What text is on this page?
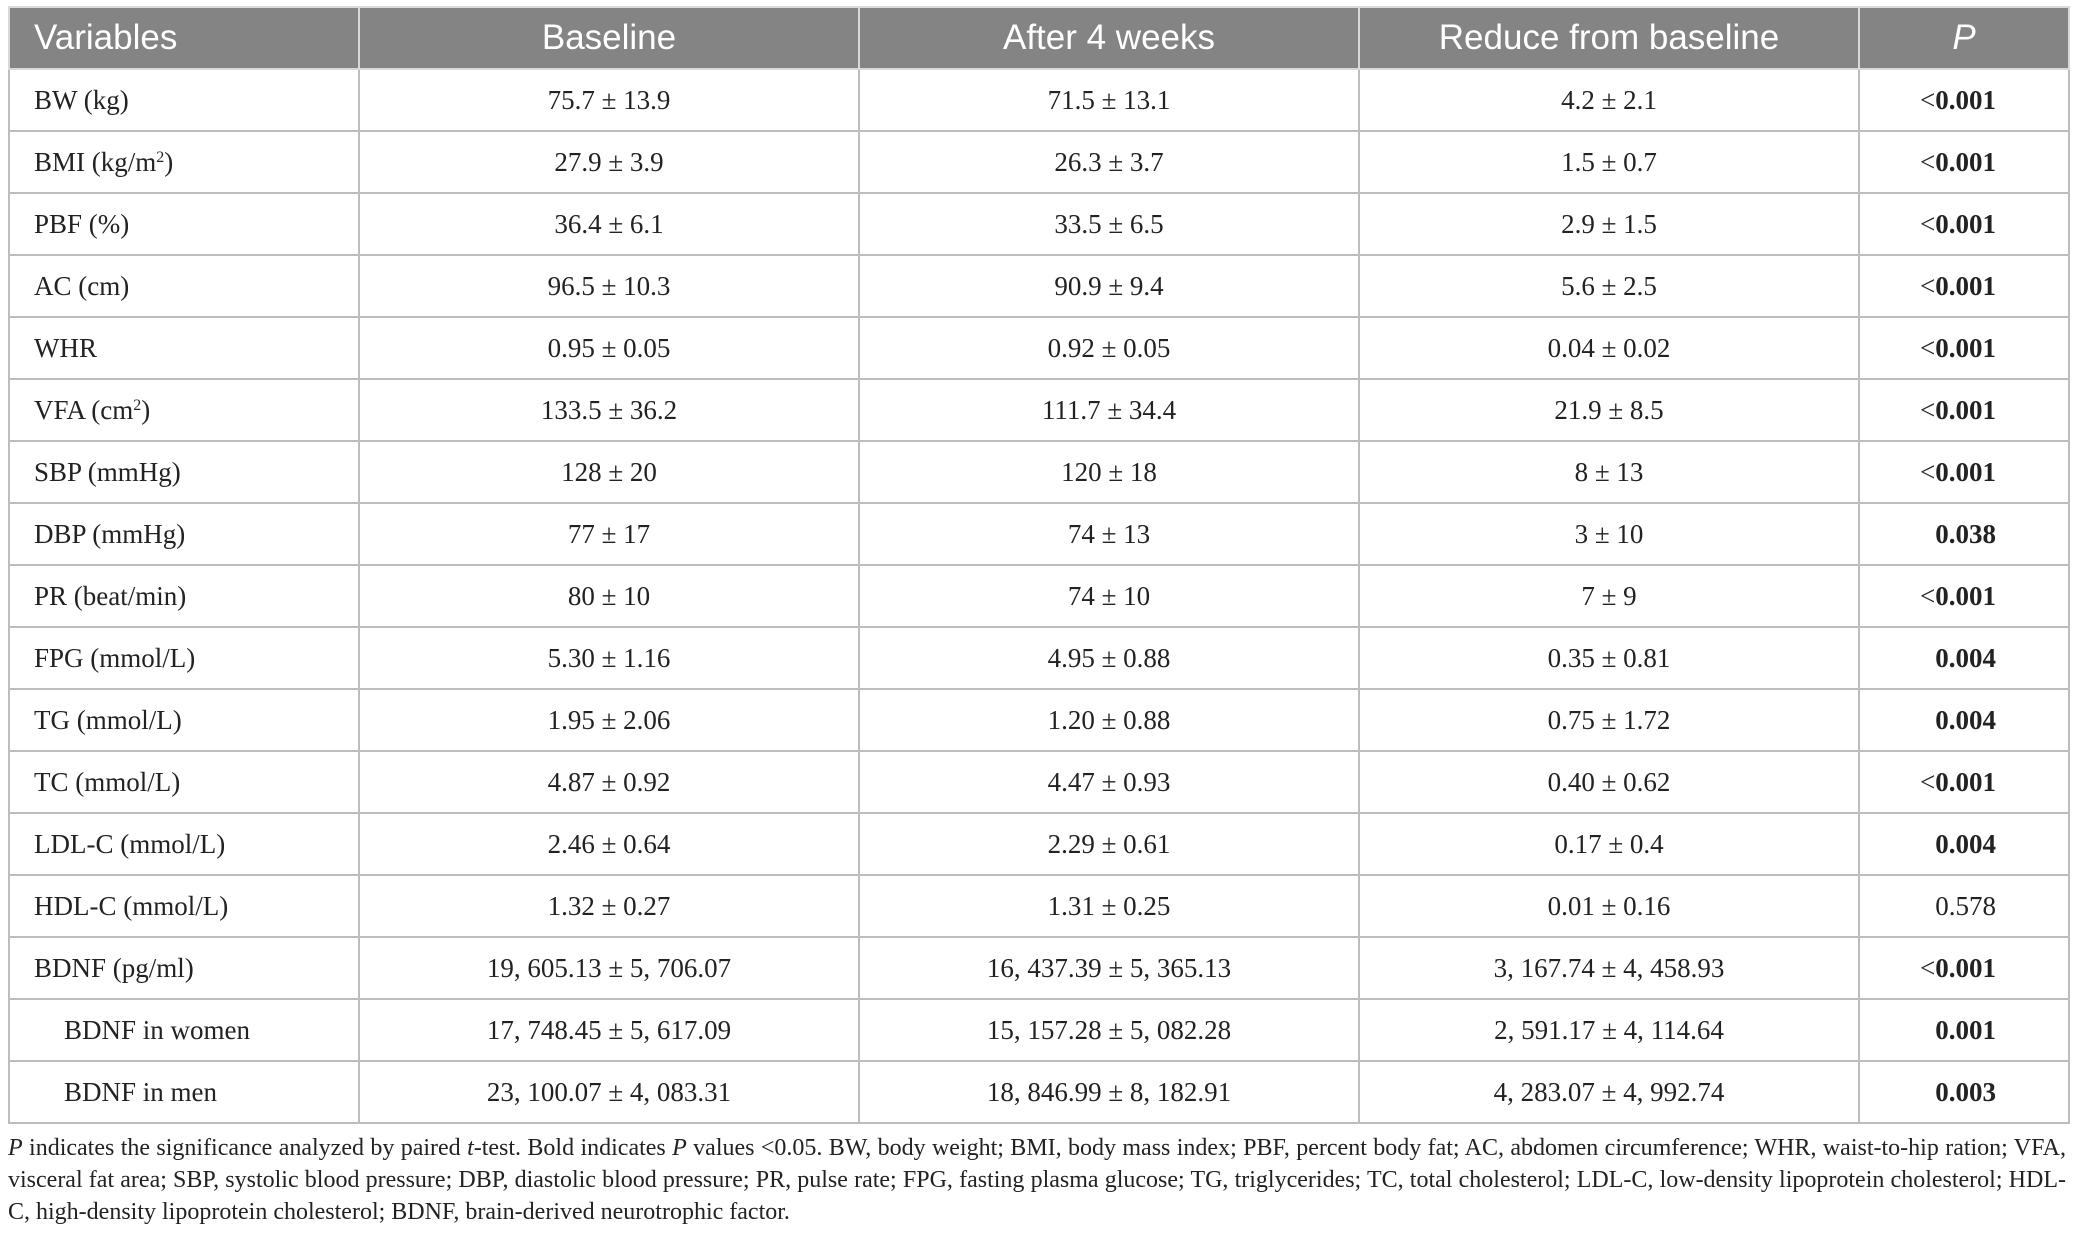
Variables	Baseline	After 4 weeks	Reduce from baseline	P
BW (kg)	75.7 ± 13.9	71.5 ± 13.1	4.2 ± 2.1	<0.001
BMI $(kg/m^2)$	27.9 ± 3.9	26.3 ± 3.7	1.5 ± 0.7	<0.001
PBF (%)	36.4 ± 6.1	33.5 ± 6.5	2.9 ± 1.5	<0.001
AC (cm)	96.5 ± 10.3	90.9 ± 9.4	5.6 ± 2.5	<0.001
WHR	0.95 ± 0.05	0.92 ± 0.05	0.04 ± 0.02	<0.001
VFA $(cm^2)$	133.5 ± 36.2	111.7 ± 34.4	21.9 ± 8.5	<0.001
SBP (mmHg)	128 ± 20	120 ± 18	8 ± 13	<0.001
DBP (mmHg)	77 ± 17	74 ± 13	3 ± 10	0.038
PR (beat/min)	80 ± 10	74 ± 10	7 ± 9	<0.001
FPG (mmol/L)	5.30 ± 1.16	4.95 ± 0.88	0.35 ± 0.81	0.004
TG (mmol/L)	1.95 ± 2.06	1.20 ± 0.88	0.75 ± 1.72	0.004
TC (mmol/L)	4.87 ± 0.92	4.47 ± 0.93	0.40 ± 0.62	<0.001
LDL-C (mmol/L)	2.46 ± 0.64	2.29 ± 0.61	0.17 ± 0.4	0.004
HDL-C (mmol/L)	1.32 ± 0.27	1.31 ± 0.25	0.01 ± 0.16	0.578
BDNF (pg/ml)	19, 605.13 ± 5, 706.07	16, 437.39 ± 5, 365.13	3, 167.74 ± 4, 458.93	<0.001
BDNF in women	17, 748.45 ± 5, 617.09	15, 157.28 ± 5, 082.28	2, 591.17 ± 4, 114.64	0.001
BDNF in men	23, 100.07 ± 4, 083.31	18, 846.99 ± 8, 182.91	4, 283.07 ± 4, 992.74	0.003

P indicates the significance analyzed by paired t-test. Bold indicates P values <0.05. BW, body weight; BMI, body mass index; PBF, percent body fat; AC, abdomen circumference; WHR, waist-to-hip ration; VFA, visceral fat area; SBP, systolic blood pressure; DBP, diastolic blood pressure; PR, pulse rate; FPG, fasting plasma glucose; TG, triglycerides; TC, total cholesterol; LDL-C, low-density lipoprotein cholesterol; HDL-C, high-density lipoprotein cholesterol; BDNF, brain-derived neurotrophic factor.
